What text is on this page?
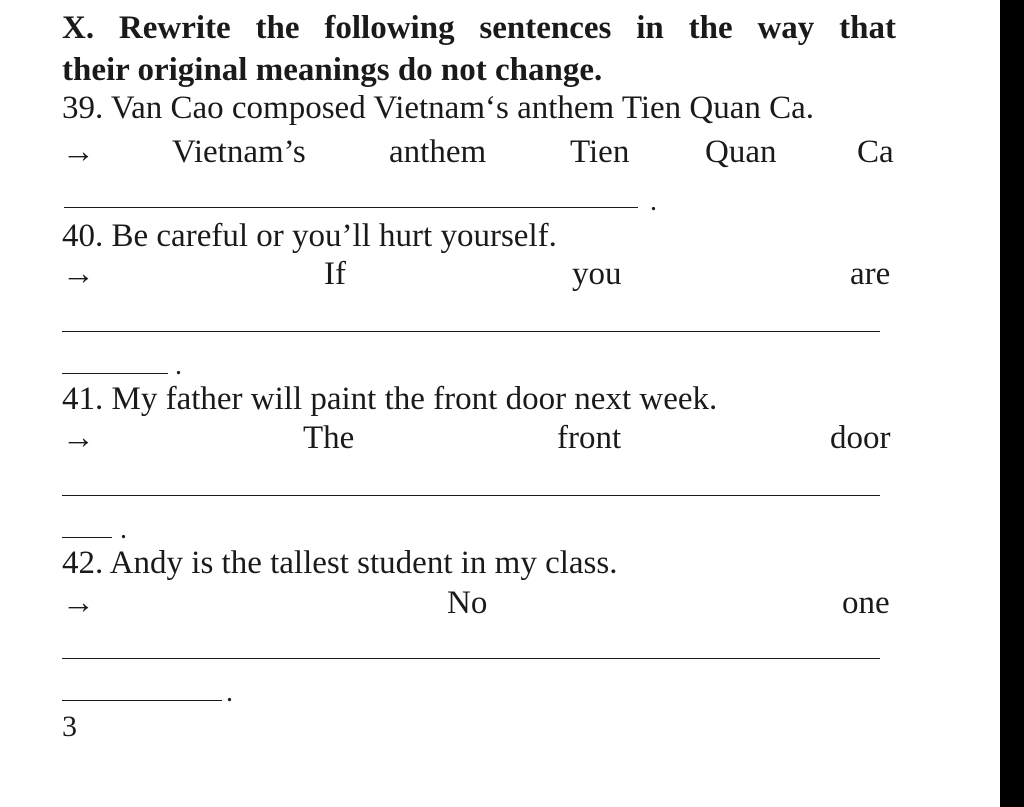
X. Rewrite the following sentences in the way that
their original meanings do not change.
39. Van Cao composed Vietnam‘s anthem Tien Quan Ca.
→ Vietnam’s	anthem	Tien Quan Ca
.
40. Be careful or you’ll hurt yourself.
→	If	you	are
.
41. My father will paint the front door next week.
→	The	front	door
.
42. Andy is the tallest student in my class.
→	No	one
.
3
